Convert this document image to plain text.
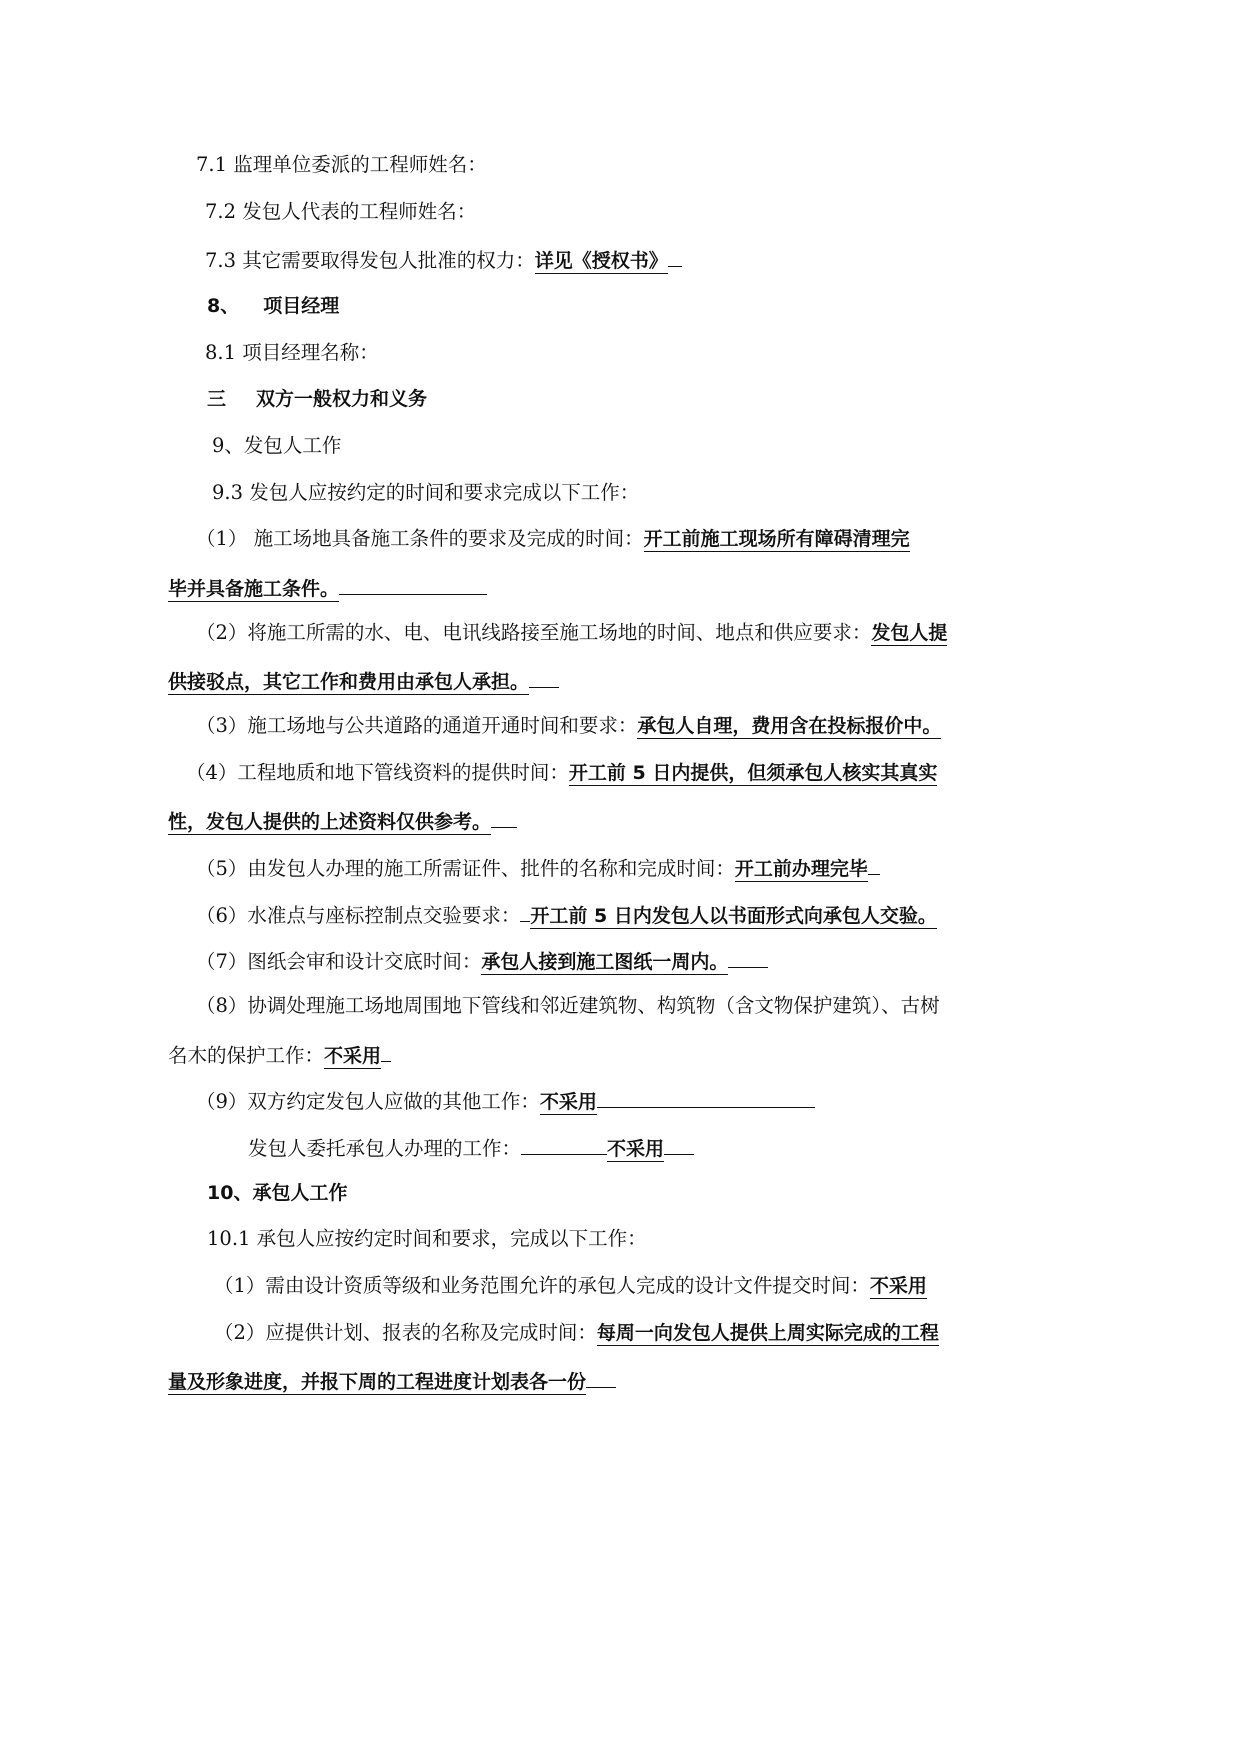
7.1 监理单位委派的工程师姓名：
7.2 发包人代表的工程师姓名：
7.3 其它需要取得发包人批准的权力：详见《授权书》
8、 项目经理
8.1 项目经理名称：
三 双方一般权力和义务
9、发包人工作
9.3 发包人应按约定的时间和要求完成以下工作：
（1） 施工场地具备施工条件的要求及完成的时间：开工前施工现场所有障碍清理完
毕并具备施工条件。
（2）将施工所需的水、电、电讯线路接至施工场地的时间、地点和供应要求：发包人提
供接驳点，其它工作和费用由承包人承担。
（3）施工场地与公共道路的通道开通时间和要求：承包人自理，费用含在投标报价中。
（4）工程地质和地下管线资料的提供时间：开工前 5 日内提供，但须承包人核实其真实
性，发包人提供的上述资料仅供参考。
（5）由发包人办理的施工所需证件、批件的名称和完成时间：开工前办理完毕
（6）水准点与座标控制点交验要求： 开工前 5 日内发包人以书面形式向承包人交验。
（7）图纸会审和设计交底时间：承包人接到施工图纸一周内。
（8）协调处理施工场地周围地下管线和邻近建筑物、构筑物（含文物保护建筑）、古树
名木的保护工作：不采用
（9）双方约定发包人应做的其他工作：不采用
发包人委托承包人办理的工作：	不采用
10、承包人工作
10.1 承包人应按约定时间和要求，完成以下工作：
（1）需由设计资质等级和业务范围允许的承包人完成的设计文件提交时间：不采用
（2）应提供计划、报表的名称及完成时间：每周一向发包人提供上周实际完成的工程
量及形象进度，并报下周的工程进度计划表各一份
